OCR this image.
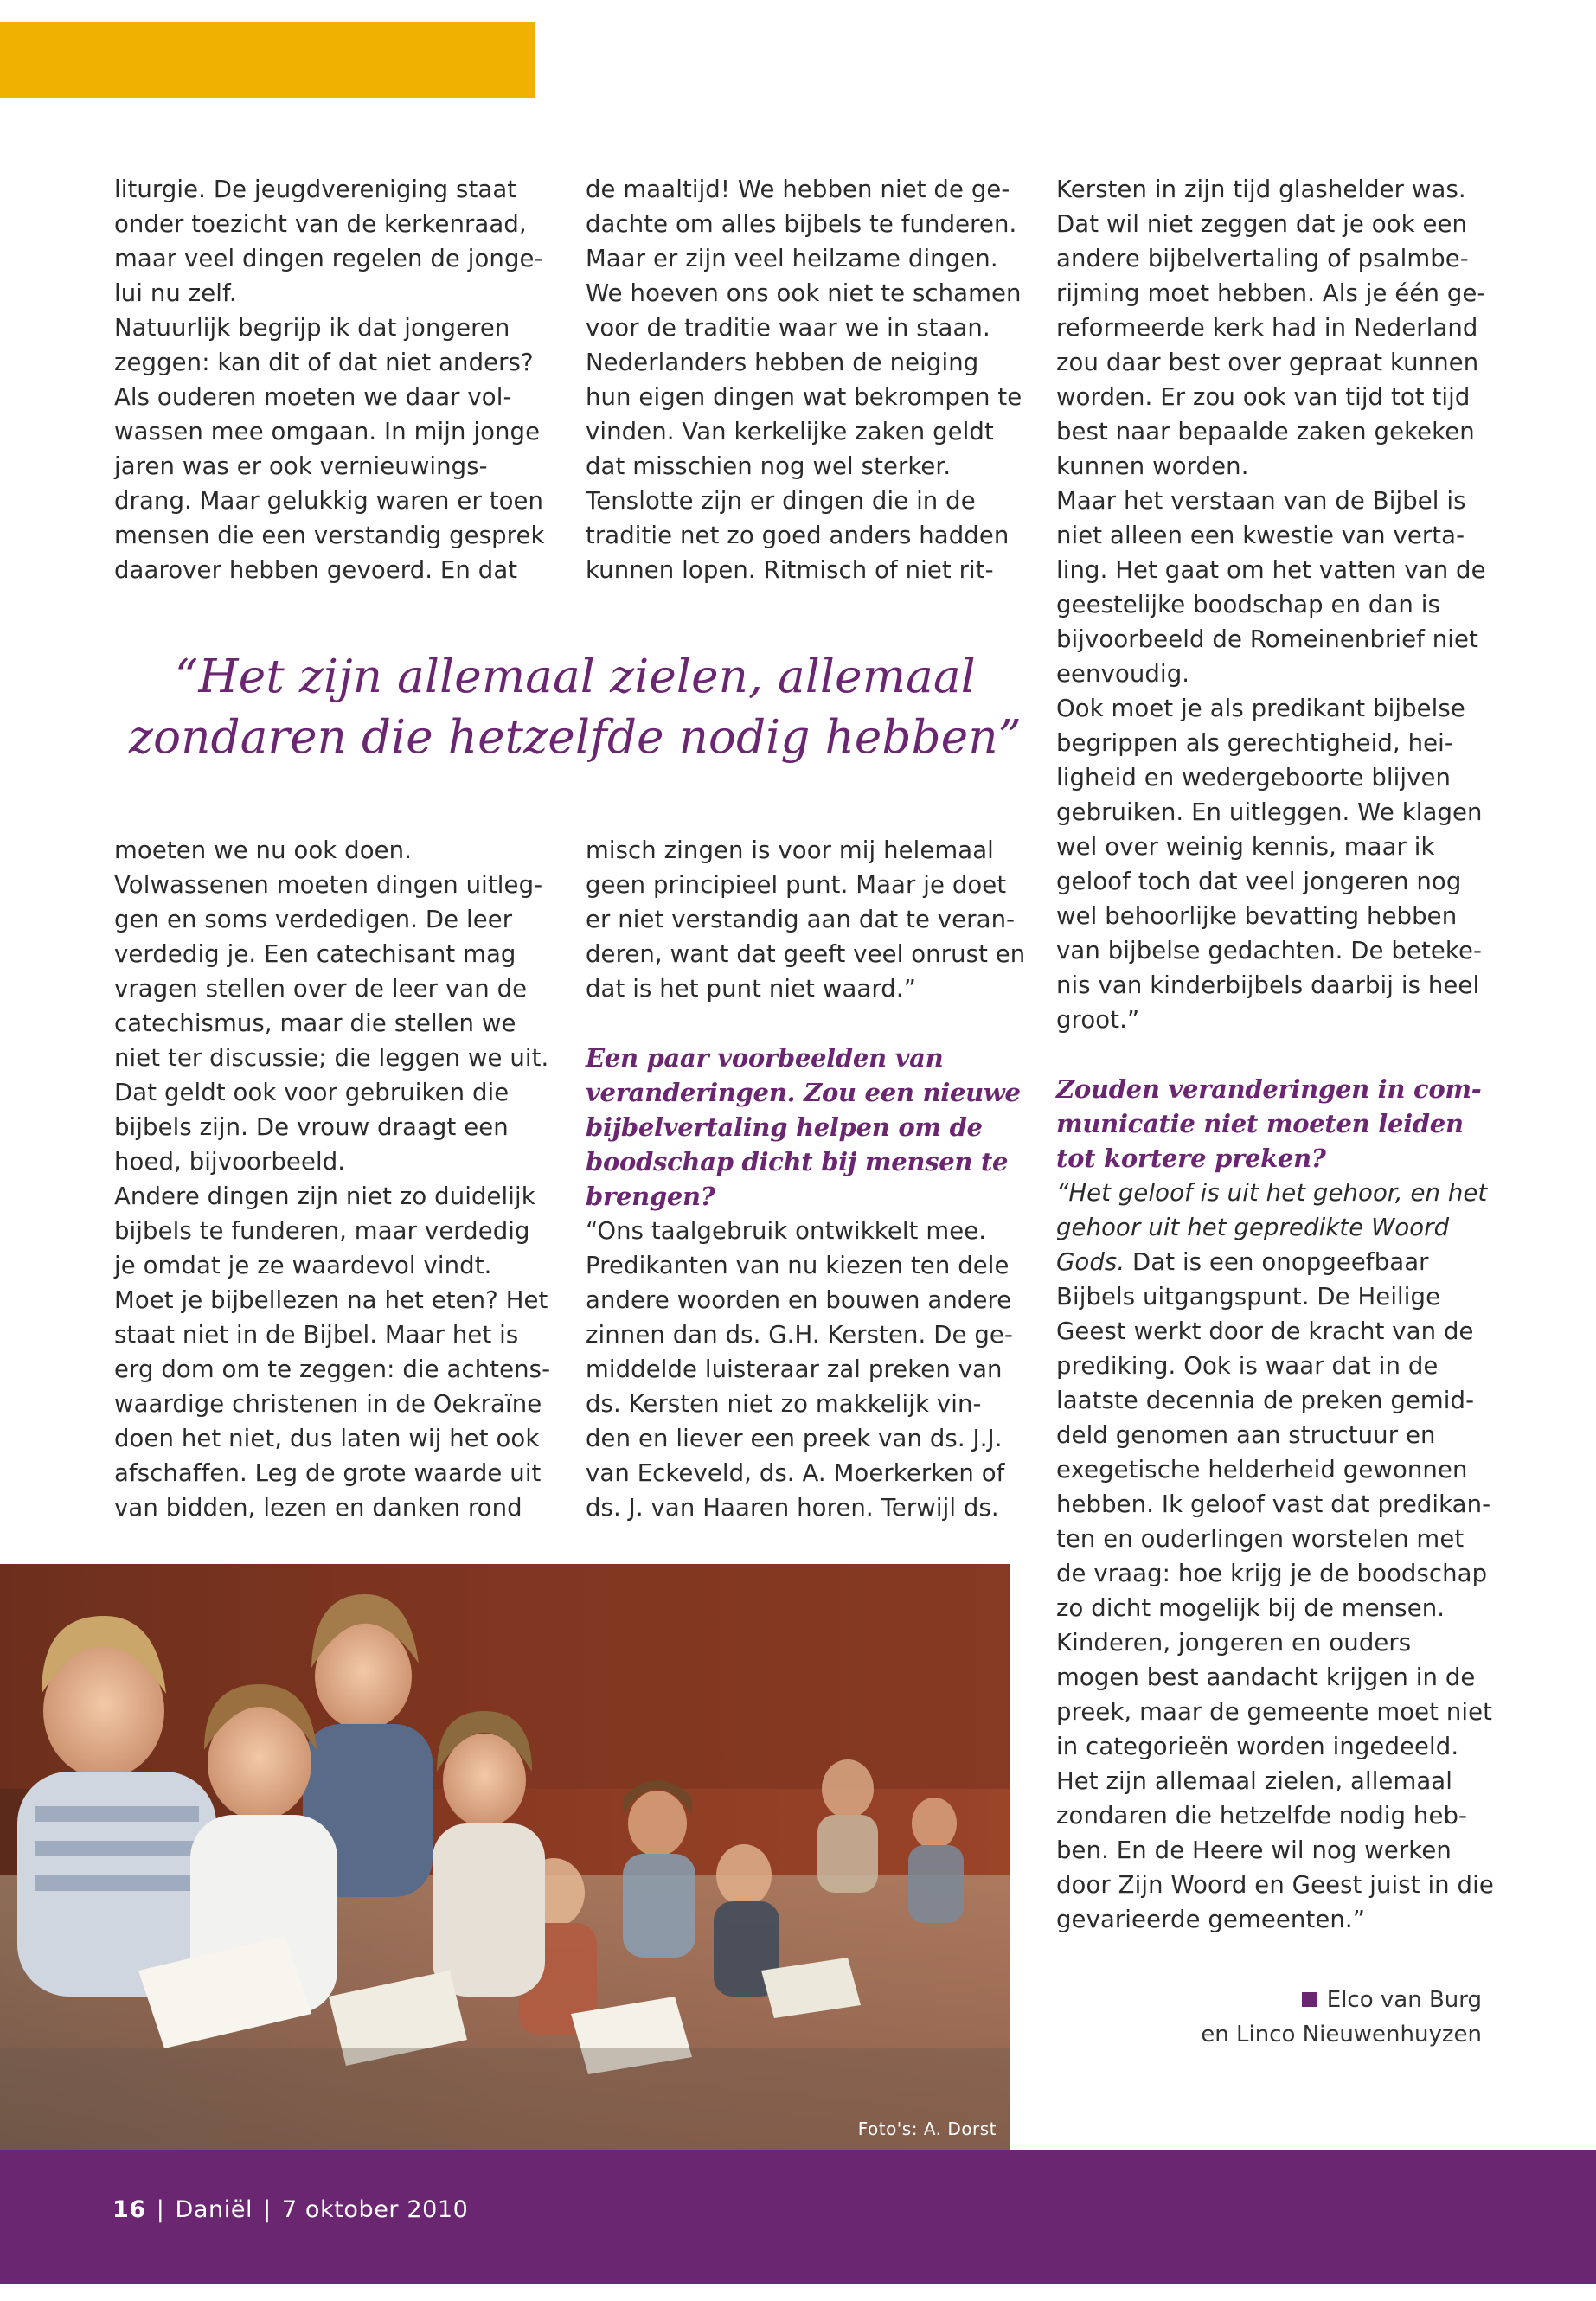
liturgie. De jeugdvereniging staat

onder toezicht van de kerkenraad,

maar veel dingen regelen de jonge-

lui nu zelf.

Natuurlijk begrijp ik dat jongeren

zeggen: kan dit of dat niet anders?

Als ouderen moeten we daar vol-

wassen mee omgaan. In mijn jonge

jaren was er ook vernieuwings-

drang. Maar gelukkig waren er toen

mensen die een verstandig gesprek

daarover hebben gevoerd. En dat

de maaltijd! We hebben niet de ge-

dachte om alles bijbels te funderen.

Maar er zijn veel heilzame dingen.

We hoeven ons ook niet te schamen

voor de traditie waar we in staan.

Nederlanders hebben de neiging

hun eigen dingen wat bekrompen te

vinden. Van kerkelijke zaken geldt

dat misschien nog wel sterker.

Tenslotte zijn er dingen die in de

traditie net zo goed anders hadden

kunnen lopen. Ritmisch of niet rit-

“Het zijn allemaal zielen, allemaal
zondaren die hetzelfde nodig hebben”

moeten we nu ook doen.

Volwassenen moeten dingen uitleg-

gen en soms verdedigen. De leer

verdedig je. Een catechisant mag

vragen stellen over de leer van de

catechismus, maar die stellen we

niet ter discussie; die leggen we uit.

Dat geldt ook voor gebruiken die

bijbels zijn. De vrouw draagt een

hoed, bijvoorbeeld.

Andere dingen zijn niet zo duidelijk

bijbels te funderen, maar verdedig

je omdat je ze waardevol vindt.

Moet je bijbellezen na het eten? Het

staat niet in de Bijbel. Maar het is

erg dom om te zeggen: die achtens-

waardige christenen in de Oekraïne

doen het niet, dus laten wij het ook

afschaffen. Leg de grote waarde uit

van bidden, lezen en danken rond

misch zingen is voor mij helemaal

geen principieel punt. Maar je doet

er niet verstandig aan dat te veran-

deren, want dat geeft veel onrust en

dat is het punt niet waard.”

Een paar voorbeelden van

veranderingen. Zou een nieuwe

bijbelvertaling helpen om de

boodschap dicht bij mensen te

brengen?

“Ons taalgebruik ontwikkelt mee.

Predikanten van nu kiezen ten dele

andere woorden en bouwen andere

zinnen dan ds. G.H. Kersten. De ge-

middelde luisteraar zal preken van

ds. Kersten niet zo makkelijk vin-

den en liever een preek van ds. J.J.

van Eckeveld, ds. A. Moerkerken of

ds. J. van Haaren horen. Terwijl ds.

Kersten in zijn tijd glashelder was.

Dat wil niet zeggen dat je ook een

andere bijbelvertaling of psalmbe-

rijming moet hebben. Als je één ge-

reformeerde kerk had in Nederland

zou daar best over gepraat kunnen

worden. Er zou ook van tijd tot tijd

best naar bepaalde zaken gekeken

kunnen worden.

Maar het verstaan van de Bijbel is

niet alleen een kwestie van verta-

ling. Het gaat om het vatten van de

geestelijke boodschap en dan is

bijvoorbeeld de Romeinenbrief niet

eenvoudig.

Ook moet je als predikant bijbelse

begrippen als gerechtigheid, hei-

ligheid en wedergeboorte blijven

gebruiken. En uitleggen. We klagen

wel over weinig kennis, maar ik

geloof toch dat veel jongeren nog

wel behoorlijke bevatting hebben

van bijbelse gedachten. De beteke-

nis van kinderbijbels daarbij is heel

groot.”

Zouden veranderingen in com-

municatie niet moeten leiden

tot kortere preken?

“Het geloof is uit het gehoor, en het

gehoor uit het gepredikte Woord

Gods. Dat is een onopgeefbaar

Bijbels uitgangspunt. De Heilige

Geest werkt door de kracht van de

prediking. Ook is waar dat in de

laatste decennia de preken gemid-

deld genomen aan structuur en

exegetische helderheid gewonnen

hebben. Ik geloof vast dat predikan-

ten en ouderlingen worstelen met

de vraag: hoe krijg je de boodschap

zo dicht mogelijk bij de mensen.

Kinderen, jongeren en ouders

mogen best aandacht krijgen in de

preek, maar de gemeente moet niet

in categorieën worden ingedeeld.

Het zijn allemaal zielen, allemaal

zondaren die hetzelfde nodig heb-

ben. En de Heere wil nog werken

door Zijn Woord en Geest juist in die

gevarieerde gemeenten.”

Foto's: A. Dorst
Elco van Burg
en Linco Nieuwenhuyzen
16 | Daniël | 7 oktober 2010
